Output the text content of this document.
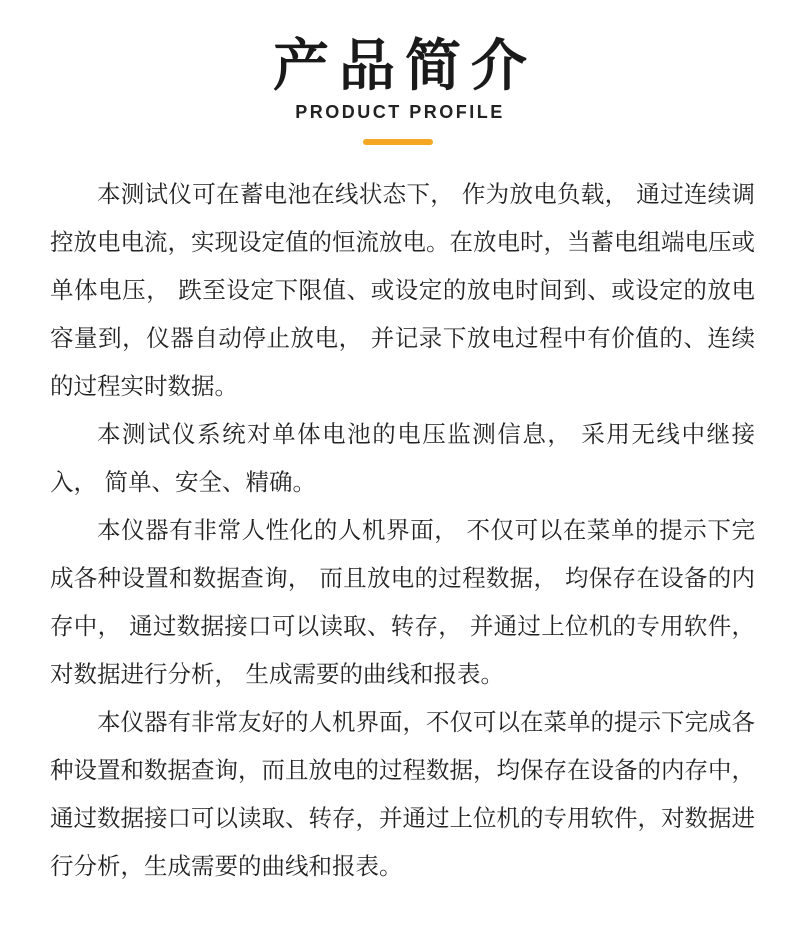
产品简介
PRODUCT PROFILE

本测试仪可在蓄电池在线状态下， 作为放电负载， 通过连续调控放电电流，实现设定值的恒流放电。在放电时，当蓄电组端电压或单体电压， 跌至设定下限值、或设定的放电时间到、或设定的放电容量到，仪器自动停止放电， 并记录下放电过程中有价值的、连续的过程实时数据。

本测试仪系统对单体电池的电压监测信息， 采用无线中继接入， 简单、安全、精确。

本仪器有非常人性化的人机界面， 不仅可以在菜单的提示下完成各种设置和数据查询， 而且放电的过程数据， 均保存在设备的内存中， 通过数据接口可以读取、转存， 并通过上位机的专用软件， 对数据进行分析， 生成需要的曲线和报表。

本仪器有非常友好的人机界面，不仅可以在菜单的提示下完成各种设置和数据查询，而且放电的过程数据，均保存在设备的内存中，通过数据接口可以读取、转存，并通过上位机的专用软件，对数据进行分析，生成需要的曲线和报表。
